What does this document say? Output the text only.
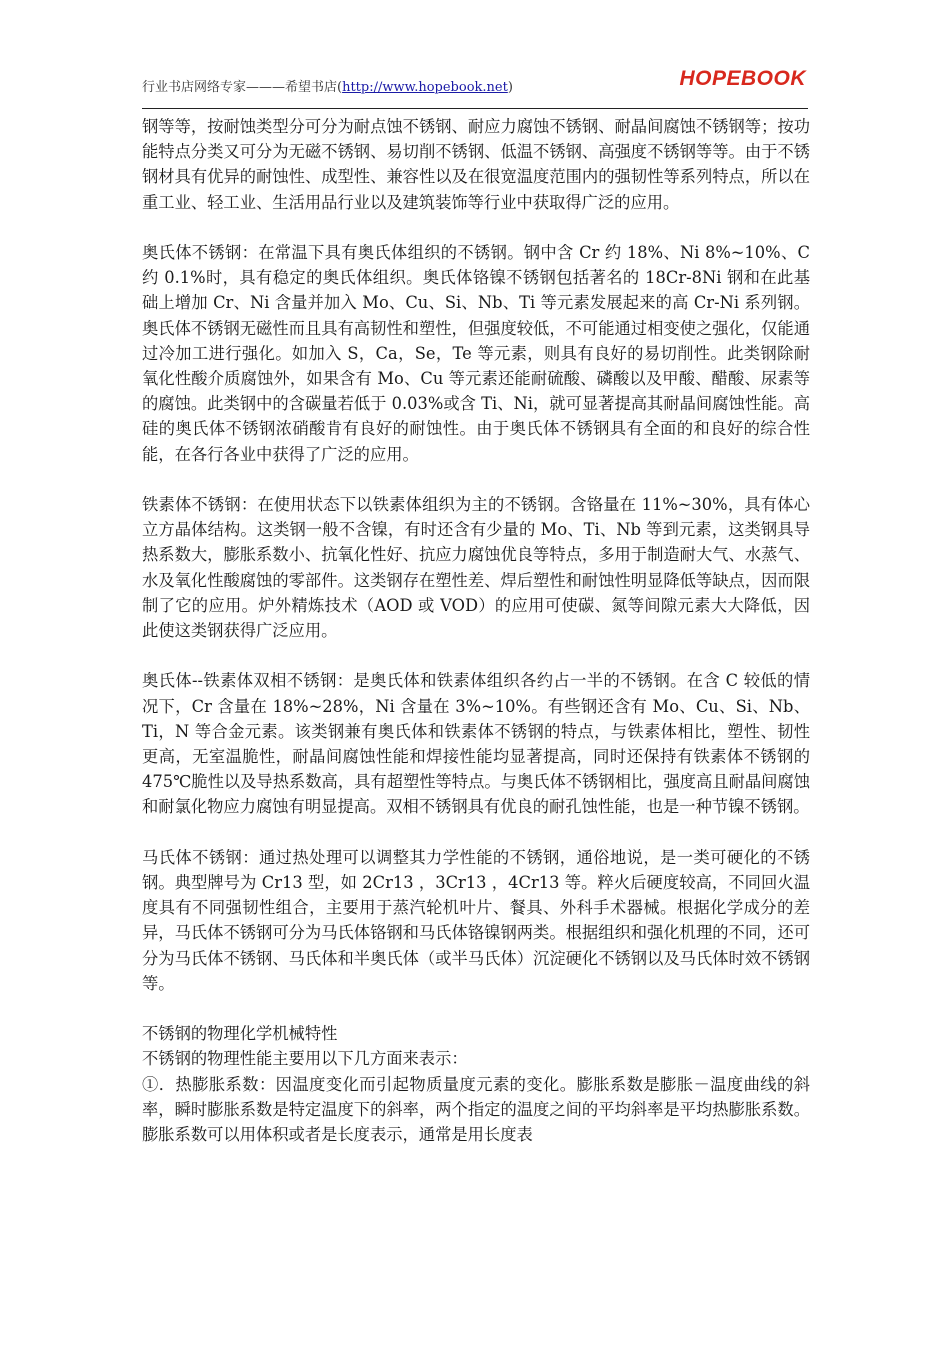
行业书店网络专家———希望书店(http://www.hopebook.net)	HOPEBOOK

钢等等，按耐蚀类型分可分为耐点蚀不锈钢、耐应力腐蚀不锈钢、耐晶间腐蚀不锈钢等；按功能特点分类又可分为无磁不锈钢、易切削不锈钢、低温不锈钢、高强度不锈钢等等。由于不锈钢材具有优异的耐蚀性、成型性、兼容性以及在很宽温度范围内的强韧性等系列特点，所以在重工业、轻工业、生活用品行业以及建筑装饰等行业中获取得广泛的应用。

奥氏体不锈钢：在常温下具有奥氏体组织的不锈钢。钢中含 Cr 约 18%、Ni 8%~10%、C 约 0.1%时，具有稳定的奥氏体组织。奥氏体铬镍不锈钢包括著名的 18Cr-8Ni 钢和在此基础上增加 Cr、Ni 含量并加入 Mo、Cu、Si、Nb、Ti 等元素发展起来的高 Cr-Ni 系列钢。奥氏体不锈钢无磁性而且具有高韧性和塑性，但强度较低，不可能通过相变使之强化，仅能通过冷加工进行强化。如加入 S，Ca，Se，Te 等元素，则具有良好的易切削性。此类钢除耐氧化性酸介质腐蚀外，如果含有 Mo、Cu 等元素还能耐硫酸、磷酸以及甲酸、醋酸、尿素等的腐蚀。此类钢中的含碳量若低于 0.03%或含 Ti、Ni，就可显著提高其耐晶间腐蚀性能。高硅的奥氏体不锈钢浓硝酸肯有良好的耐蚀性。由于奥氏体不锈钢具有全面的和良好的综合性能，在各行各业中获得了广泛的应用。

铁素体不锈钢：在使用状态下以铁素体组织为主的不锈钢。含铬量在 11%~30%，具有体心立方晶体结构。这类钢一般不含镍，有时还含有少量的 Mo、Ti、Nb 等到元素，这类钢具导热系数大，膨胀系数小、抗氧化性好、抗应力腐蚀优良等特点，多用于制造耐大气、水蒸气、水及氧化性酸腐蚀的零部件。这类钢存在塑性差、焊后塑性和耐蚀性明显降低等缺点，因而限制了它的应用。炉外精炼技术（AOD 或 VOD）的应用可使碳、氮等间隙元素大大降低，因此使这类钢获得广泛应用。

奥氏体--铁素体双相不锈钢：是奥氏体和铁素体组织各约占一半的不锈钢。在含 C 较低的情况下，Cr 含量在 18%~28%，Ni 含量在 3%~10%。有些钢还含有 Mo、Cu、Si、Nb、Ti，N 等合金元素。该类钢兼有奥氏体和铁素体不锈钢的特点，与铁素体相比，塑性、韧性更高，无室温脆性，耐晶间腐蚀性能和焊接性能均显著提高，同时还保持有铁素体不锈钢的 475℃脆性以及导热系数高，具有超塑性等特点。与奥氏体不锈钢相比，强度高且耐晶间腐蚀和耐氯化物应力腐蚀有明显提高。双相不锈钢具有优良的耐孔蚀性能，也是一种节镍不锈钢。

马氏体不锈钢：通过热处理可以调整其力学性能的不锈钢，通俗地说，是一类可硬化的不锈钢。典型牌号为 Cr13 型，如 2Cr13 ，3Cr13 ，4Cr13 等。粹火后硬度较高，不同回火温度具有不同强韧性组合，主要用于蒸汽轮机叶片、餐具、外科手术器械。根据化学成分的差异，马氏体不锈钢可分为马氏体铬钢和马氏体铬镍钢两类。根据组织和强化机理的不同，还可分为马氏体不锈钢、马氏体和半奥氏体（或半马氏体）沉淀硬化不锈钢以及马氏体时效不锈钢等。

不锈钢的物理化学机械特性

不锈钢的物理性能主要用以下几方面来表示：

①．热膨胀系数：因温度变化而引起物质量度元素的变化。膨胀系数是膨胀－温度曲线的斜率，瞬时膨胀系数是特定温度下的斜率，两个指定的温度之间的平均斜率是平均热膨胀系数。膨胀系数可以用体积或者是长度表示，通常是用长度表
